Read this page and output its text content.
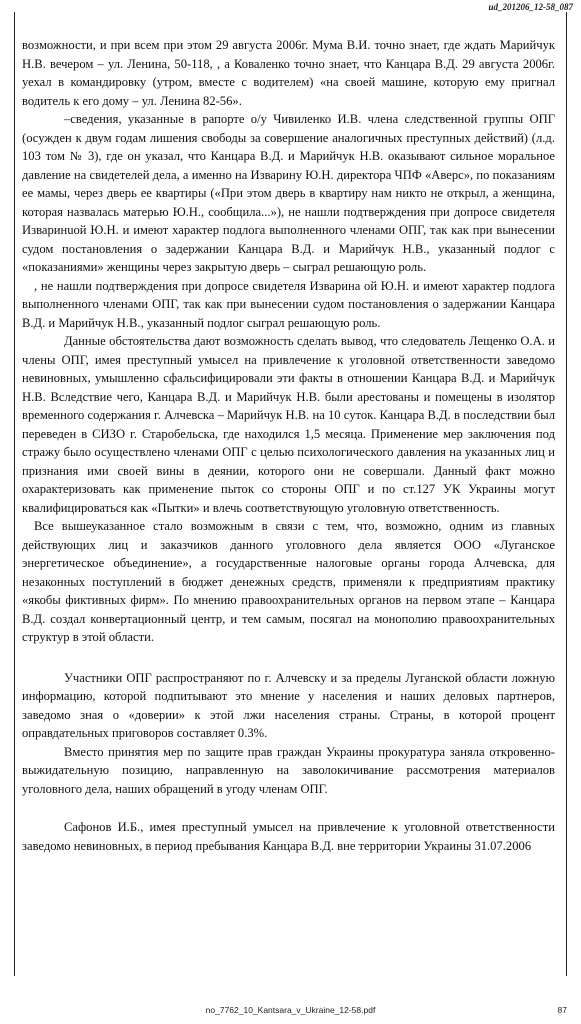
ud_201206_12-58_087

возможности, и при всем при этом 29 августа 2006г. Мума В.И. точно знает, где ждать Марийчук Н.В. вечером – ул. Ленина, 50-118, , а Коваленко точно знает, что Канцара В.Д. 29 августа 2006г. уехал в командировку (утром, вместе с водителем) «на своей машине, которую ему пригнал водитель к его дому – ул. Ленина 82-56».

–сведения, указанные в рапорте о/у Чивиленко И.В. члена следственной группы ОПГ (осужден к двум годам лишения свободы за совершение аналогичных преступных действий) (л.д. 103 том № 3), где он указал, что Канцара В.Д. и Марийчук Н.В. оказывают сильное моральное давление на свидетелей дела, а именно на Изварину Ю.Н. директора ЧПФ «Аверс», по показаниям ее мамы, через дверь ее квартиры («При этом дверь в квартиру нам никто не открыл, а женщина, которая назвалась матерью Ю.Н., сообщила...»), не нашли подтверждения при допросе свидетеля Изваринuой Ю.Н. и имеют характер подлога выполненного членами ОПГ, так как при вынесении судом постановления о задержании Канцара В.Д. и Марийчук Н.В., указанный подлог с «показаниями» женщины через закрытую дверь – сыграл решающую роль.

, не нашли подтверждения при допросе свидетеля Изварина ой Ю.Н. и имеют характер подлога выполненного членами ОПГ, так как при вынесении судом постановления о задержании Канцара В.Д. и Марийчук Н.В., указанный подлог сыграл решающую роль.

Данные обстоятельства дают возможность сделать вывод, что следователь Лещенко О.А. и члены ОПГ, имея преступный умысел на привлечение к уголовной ответственности заведомо невиновных, умышленно сфальсифицировали эти факты в отношении Канцара В.Д. и Марийчук Н.В. Вследствие чего, Канцара В.Д. и Марийчук Н.В. были арестованы и помещены в изолятор временного содержания г. Алчевска – Марийчук Н.В. на 10 суток. Канцара В.Д. в последствии был переведен в СИЗО г. Старобельска, где находился 1,5 месяца. Применение мер заключения под стражу было осуществлено членами ОПГ с целью психологического давления на указанных лиц и признания ими своей вины в деянии, которого они не совершали. Данный факт можно охарактеризовать как применение пыток со стороны ОПГ и по ст.127 УК Украины могут квалифицироваться как «Пытки» и влечь соответствующую уголовную ответственность.

Все вышеуказанное стало возможным в связи с тем, что, возможно, одним из главных действующих лиц и заказчиков данного уголовного дела является ООО «Луганское энергетическое объединение», а государственные налоговые органы города Алчевска, для незаконных поступлений в бюджет денежных средств, применяли к предприятиям практику «якобы фиктивных фирм». По мнению правоохранительных органов на первом этапе – Канцара В.Д. создал конвертационный центр, и тем самым, посягал на монополию правоохранительных структур в этой области.

Участники ОПГ распространяют по г. Алчевску и за пределы Луганской области ложную информацию, которой подпитывают это мнение у населения и наших деловых партнеров, заведомо зная о «доверии» к этой лжи населения страны. Страны, в которой процент оправдательных приговоров составляет 0.3%.

Вместо принятия мер по защите прав граждан Украины прокуратура заняла откровенно-выжидательную позицию, направленную на заволокичивание рассмотрения материалов уголовного дела, наших обращений в угоду членам ОПГ.

Сафонов И.Б., имея преступный умысел на привлечение к уголовной ответственности заведомо невиновных, в период пребывания Канцара В.Д. вне территории Украины 31.07.2006

no_7762_10_Kantsara_v_Ukraine_12-58.pdf	87
